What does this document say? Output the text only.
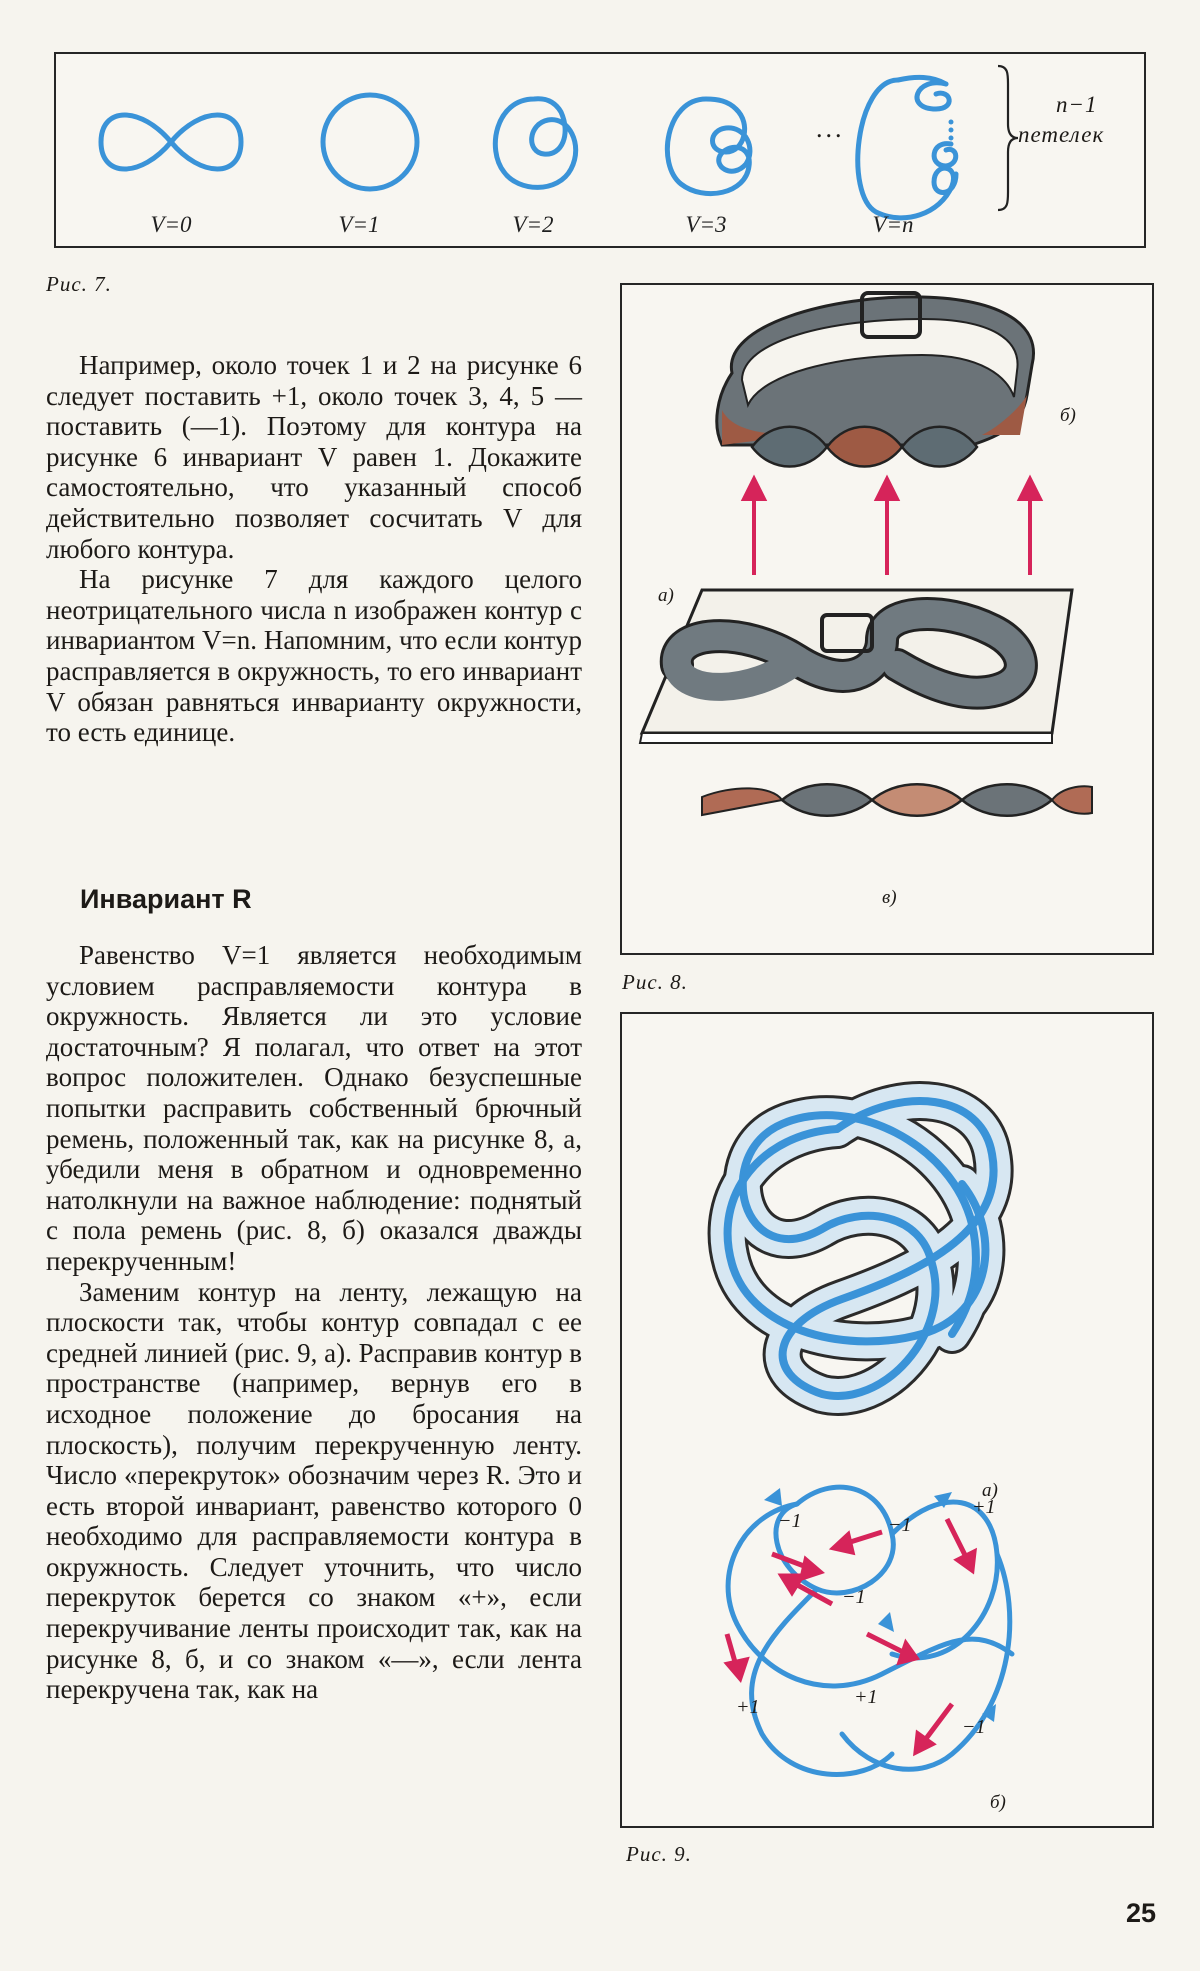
V=0	V=1	V=2	V=3	V=n
...
n−1
петелек
Рис. 7.
б)
а)
в)
Рис. 8.
а)
б)
−1	−1
+1
−1
+1	+1
−1
Рис. 9.

Например, около точек 1 и 2 на рисунке 6 следует поставить +1, около точек 3, 4, 5 — поставить (—1). Поэтому для контура на рисунке 6 инвариант V равен 1. Докажите самостоятельно, что указанный способ действительно позволяет сосчитать V для любого контура.

На рисунке 7 для каждого целого неотрицательного числа n изображен контур с инвариантом V=n. Напомним, что если контур расправляется в окружность, то его инвариант V обязан равняться инварианту окружности, то есть единице.

Инвариант R

Равенство V=1 является необходимым условием расправляемости контура в окружность. Является ли это условие достаточным? Я полагал, что ответ на этот вопрос положителен. Однако безуспешные попытки расправить собственный брючный ремень, положенный так, как на рисунке 8, а, убедили меня в обратном и одновременно натолкнули на важное наблюдение: поднятый с пола ремень (рис. 8, б) оказался дважды перекрученным!

Заменим контур на ленту, лежащую на плоскости так, чтобы контур совпадал с ее средней линией (рис. 9, а). Расправив контур в пространстве (например, вернув его в исходное положение до бросания на плоскость), получим перекрученную ленту. Число «перекруток» обозначим через R. Это и есть второй инвариант, равенство которого 0 необходимо для расправляемости контура в окружность. Следует уточнить, что число перекруток берется со знаком «+», если перекручивание ленты происходит так, как на рисунке 8, б, и со знаком «—», если лента перекручена так, как на

25
